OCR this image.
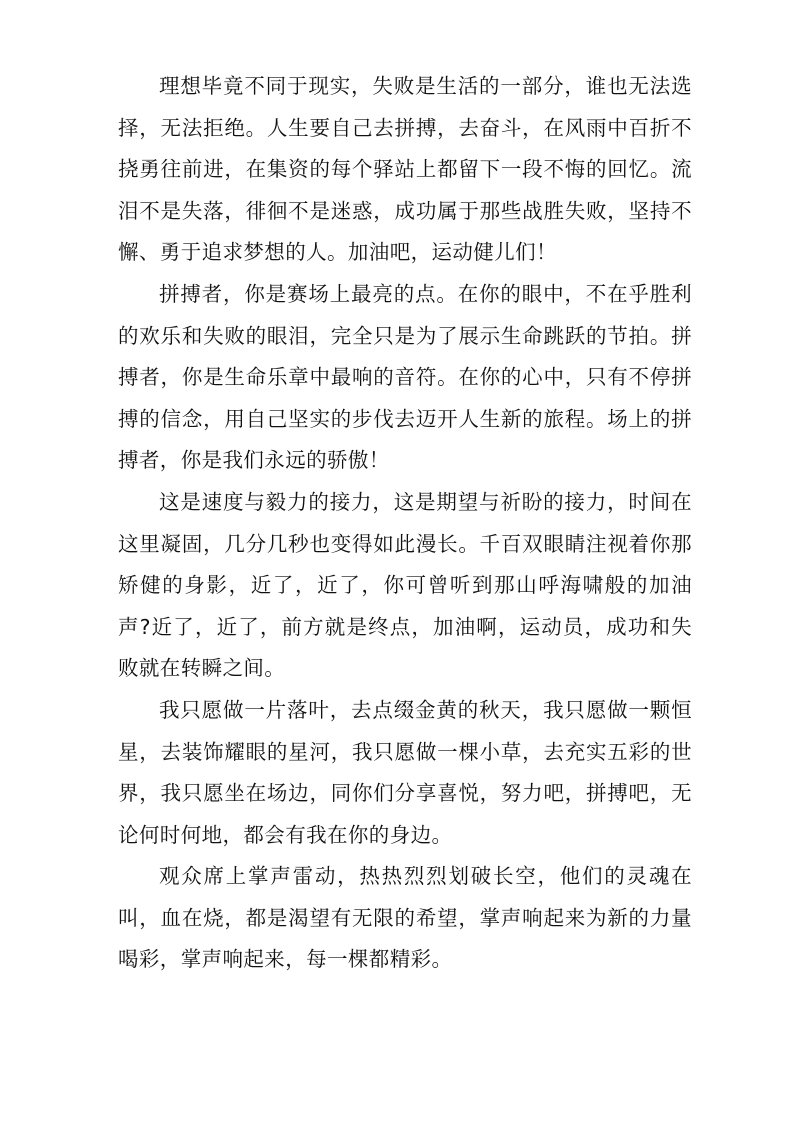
理想毕竟不同于现实，失败是生活的一部分，谁也无法选择，无法拒绝。人生要自己去拼搏，去奋斗，在风雨中百折不挠勇往前进，在集资的每个驿站上都留下一段不悔的回忆。流泪不是失落，徘徊不是迷惑，成功属于那些战胜失败，坚持不懈、勇于追求梦想的人。加油吧，运动健儿们！

拼搏者，你是赛场上最亮的点。在你的眼中，不在乎胜利的欢乐和失败的眼泪，完全只是为了展示生命跳跃的节拍。拼搏者，你是生命乐章中最响的音符。在你的心中，只有不停拼搏的信念，用自己坚实的步伐去迈开人生新的旅程。场上的拼搏者，你是我们永远的骄傲！

这是速度与毅力的接力，这是期望与祈盼的接力，时间在这里凝固，几分几秒也变得如此漫长。千百双眼睛注视着你那矫健的身影，近了，近了，你可曾听到那山呼海啸般的加油声?近了，近了，前方就是终点，加油啊，运动员，成功和失败就在转瞬之间。

我只愿做一片落叶，去点缀金黄的秋天，我只愿做一颗恒星，去装饰耀眼的星河，我只愿做一棵小草，去充实五彩的世界，我只愿坐在场边，同你们分享喜悦，努力吧，拼搏吧，无论何时何地，都会有我在你的身边。

观众席上掌声雷动，热热烈烈划破长空，他们的灵魂在叫，血在烧，都是渴望有无限的希望，掌声响起来为新的力量喝彩，掌声响起来，每一棵都精彩。
